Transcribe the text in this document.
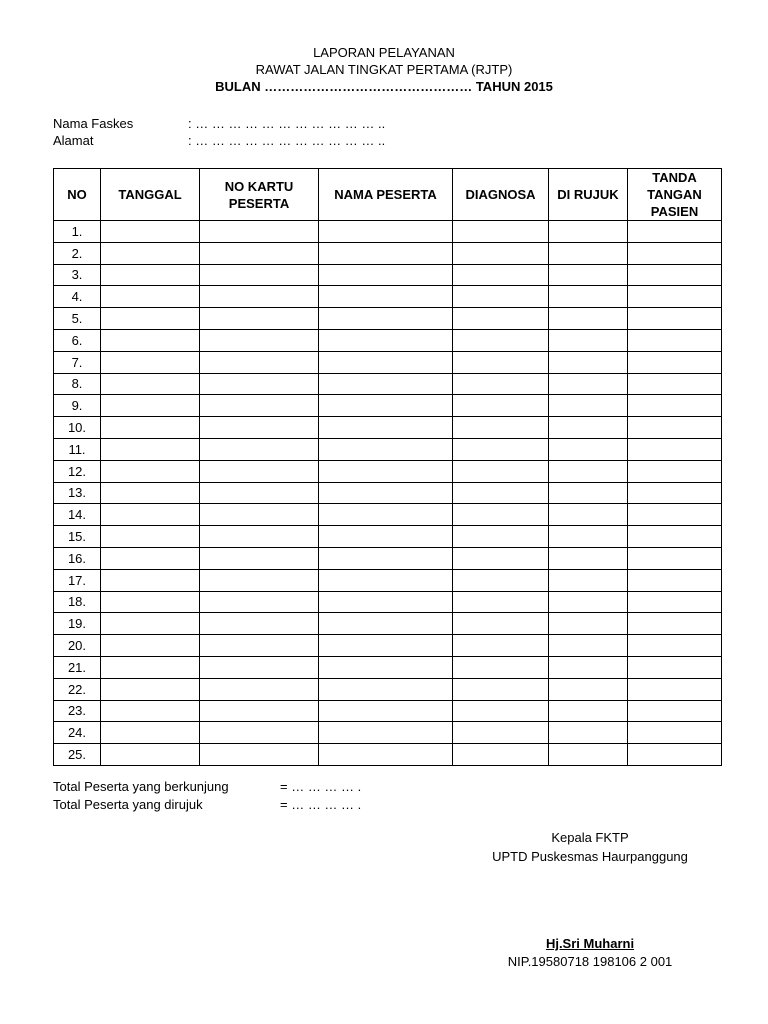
LAPORAN PELAYANAN
RAWAT JALAN TINGKAT PERTAMA (RJTP)
BULAN ………………………………………… TAHUN 2015
Nama Faskes	: … … … … … … … … … … … ..
Alamat	: … … … … … … … … … … … ..
NO	TANGGAL	NO KARTU PESERTA	NAMA PESERTA	DIAGNOSA	DI RUJUK	TANDA TANGAN PASIEN
1.						
2.						
3.						
4.						
5.						
6.						
7.						
8.						
9.						
10.						
11.						
12.						
13.						
14.						
15.						
16.						
17.						
18.						
19.						
20.						
21.						
22.						
23.						
24.						
25.						
Total Peserta yang berkunjung	= … … … … .
Total Peserta yang dirujuk	= … … … … .
Kepala FKTP
UPTD Puskesmas Haurpanggung
Hj.Sri Muharni
NIP.19580718 198106 2 001
